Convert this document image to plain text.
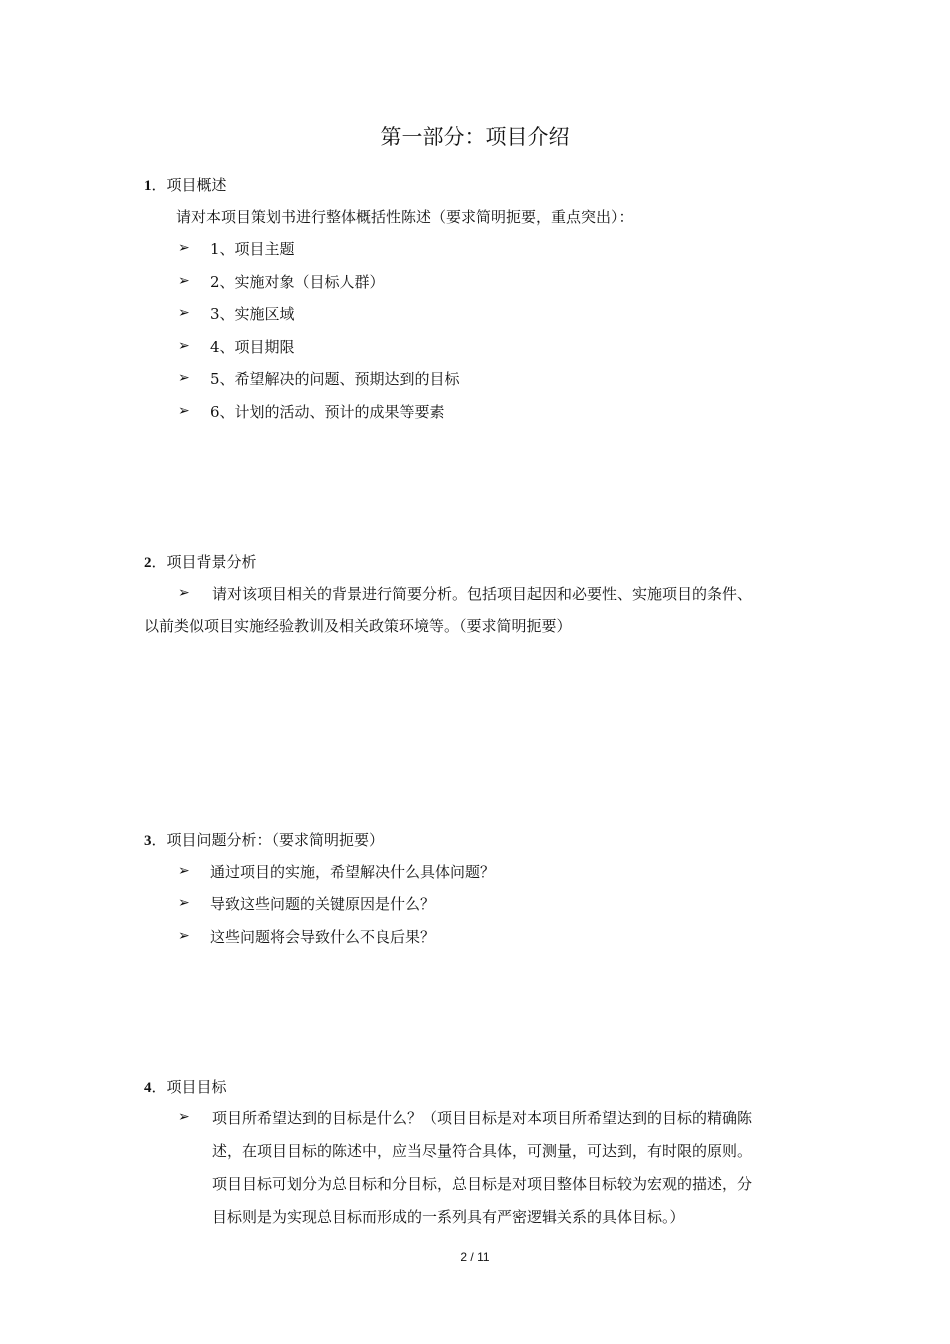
第一部分：项目介绍
1．项目概述
请对本项目策划书进行整体概括性陈述（要求简明扼要，重点突出）：
➢ 1、项目主题
➢ 2、实施对象（目标人群）
➢ 3、实施区域
➢ 4、项目期限
➢ 5、希望解决的问题、预期达到的目标
➢ 6、计划的活动、预计的成果等要素
2．项目背景分析
➢ 请对该项目相关的背景进行简要分析。包括项目起因和必要性、实施项目的条件、
以前类似项目实施经验教训及相关政策环境等。（要求简明扼要）
3．项目问题分析：（要求简明扼要）
➢ 通过项目的实施，希望解决什么具体问题？
➢ 导致这些问题的关键原因是什么？
➢ 这些问题将会导致什么不良后果？
4．项目目标
➢ 项目所希望达到的目标是什么？（项目目标是对本项目所希望达到的目标的精确陈
述，在项目目标的陈述中，应当尽量符合具体，可测量，可达到，有时限的原则。
项目目标可划分为总目标和分目标，总目标是对项目整体目标较为宏观的描述，分
目标则是为实现总目标而形成的一系列具有严密逻辑关系的具体目标。）
2 / 11
